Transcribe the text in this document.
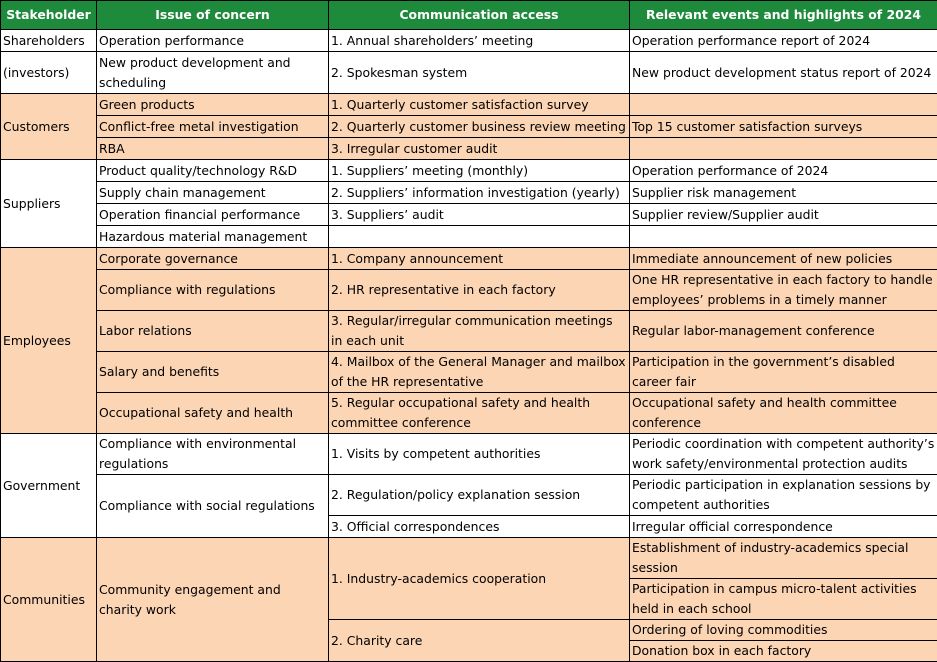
Stakeholder	Issue of concern	Communication access	Relevant events and highlights of 2024
Shareholders	Operation performance	1. Annual shareholders’ meeting	Operation performance report of 2024
(investors)	New product development and scheduling	2. Spokesman system	New product development status report of 2024
Customers	Green products	1. Quarterly customer satisfaction survey	
	Conflict-free metal investigation	2. Quarterly customer business review meeting	Top 15 customer satisfaction surveys
	RBA	3. Irregular customer audit	
Suppliers	Product quality/technology R&D	1. Suppliers’ meeting (monthly)	Operation performance of 2024
	Supply chain management	2. Suppliers’ information investigation (yearly)	Supplier risk management
	Operation financial performance	3. Suppliers’ audit	Supplier review/Supplier audit
	Hazardous material management		
Employees	Corporate governance	1. Company announcement	Immediate announcement of new policies
	Compliance with regulations	2. HR representative in each factory	One HR representative in each factory to handle employees’ problems in a timely manner
	Labor relations	3. Regular/irregular communication meetings in each unit	Regular labor-management conference
	Salary and benefits	4. Mailbox of the General Manager and mailbox of the HR representative	Participation in the government’s disabled career fair
	Occupational safety and health	5. Regular occupational safety and health committee conference	Occupational safety and health committee conference
Government	Compliance with environmental regulations	1. Visits by competent authorities	Periodic coordination with competent authority’s work safety/environmental protection audits
	Compliance with social regulations	2. Regulation/policy explanation session	Periodic participation in explanation sessions by competent authorities
		3. Official correspondences	Irregular official correspondence
Communities	Community engagement and charity work	1. Industry-academics cooperation	Establishment of industry-academics special session
			Participation in campus micro-talent activities held in each school
		2. Charity care	Ordering of loving commodities
			Donation box in each factory
